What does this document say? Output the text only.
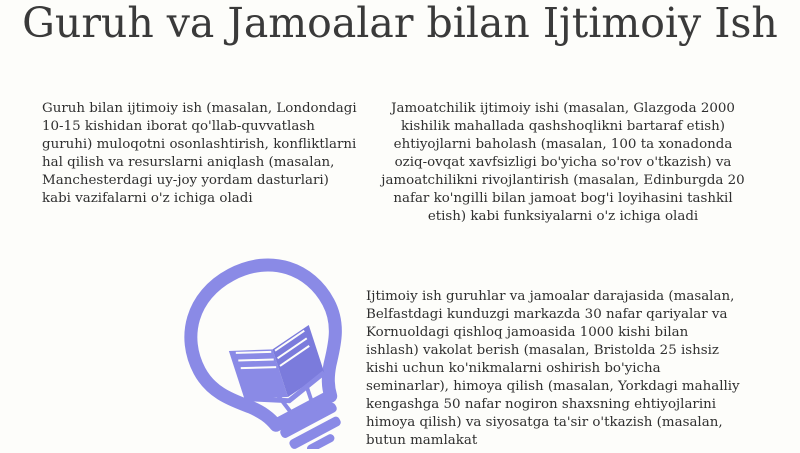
Guruh va Jamoalar bilan Ijtimoiy Ish

Guruh bilan ijtimoiy ish (masalan, Londondagi 10-15 kishidan iborat qo'llab-quvvatlash guruhi) muloqotni osonlashtirish, konfliktlarni hal qilish va resurslarni aniqlash (masalan, Manchesterdagi uy-joy yordam dasturlari) kabi vazifalarni o'z ichiga oladi

Jamoatchilik ijtimoiy ishi (masalan, Glazgoda 2000 kishilik mahallada qashshoqlikni bartaraf etish) ehtiyojlarni baholash (masalan, 100 ta xonadonda oziq-ovqat xavfsizligi bo'yicha so'rov o'tkazish) va jamoatchilikni rivojlantirish (masalan, Edinburgda 20 nafar ko'ngilli bilan jamoat bog'i loyihasini tashkil etish) kabi funksiyalarni o'z ichiga oladi

Ijtimoiy ish guruhlar va jamoalar darajasida (masalan, Belfastdagi kunduzgi markazda 30 nafar qariyalar va Kornuoldagi qishloq jamoasida 1000 kishi bilan ishlash) vakolat berish (masalan, Bristolda 25 ishsiz kishi uchun ko'nikmalarni oshirish bo'yicha seminarlar), himoya qilish (masalan, Yorkdagi mahalliy kengashga 50 nafar nogiron shaxsning ehtiyojlarini himoya qilish) va siyosatga ta'sir o'tkazish (masalan, butun mamlakat
